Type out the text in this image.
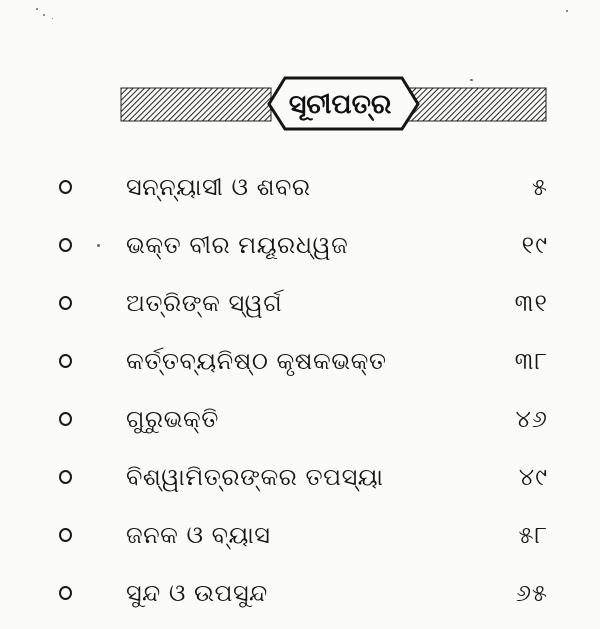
ସୂଚୀପତ୍ର
ସନ୍ନ୍ୟାସୀ ଓ ଶବର	୫
ଭକ୍ତ ବୀର ମୟୂରଧ୍ୱଜ	୧୯
ଅତ୍ରିଙ୍କ ସ୍ୱର୍ଗ	୩୧
କର୍ତ୍ତବ୍ୟନିଷ୍ଠ କୃଷକଭକ୍ତ	୩୮
ଗୁରୁଭକ୍ତି	୪୬
ବିଶ୍ୱାମିତ୍ରଙ୍କର ତପସ୍ୟା	୪୯
ଜନକ ଓ ବ୍ୟାସ	୫୮
ସୁନ୍ଦ ଓ ଉପସୁନ୍ଦ	୬୫
